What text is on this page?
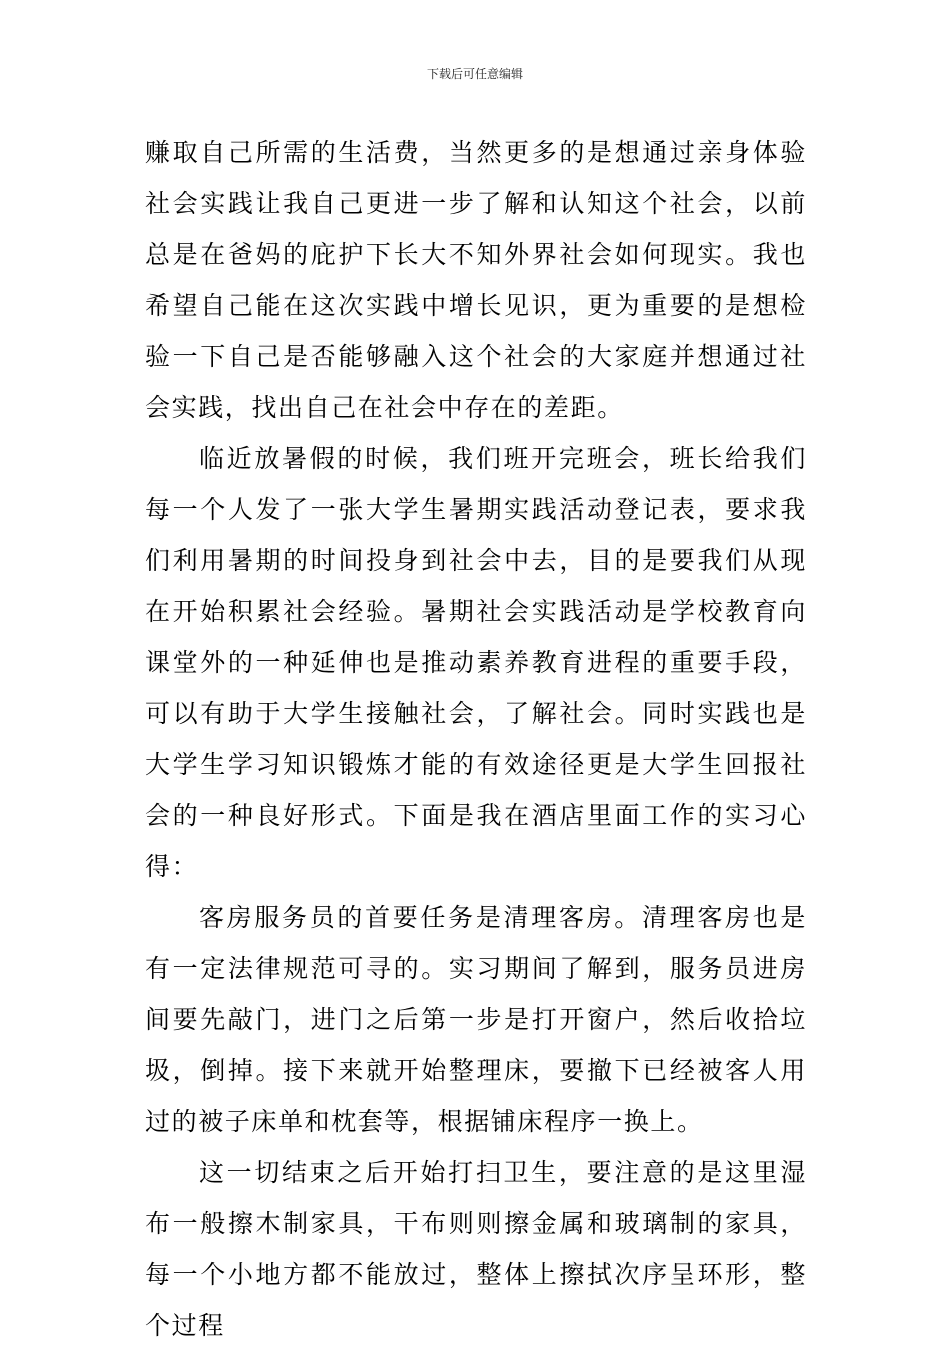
下载后可任意编辑

赚取自己所需的生活费，当然更多的是想通过亲身体验社会实践让我自己更进一步了解和认知这个社会，以前总是在爸妈的庇护下长大不知外界社会如何现实。我也希望自己能在这次实践中增长见识，更为重要的是想检验一下自己是否能够融入这个社会的大家庭并想通过社会实践，找出自己在社会中存在的差距。

临近放暑假的时候，我们班开完班会，班长给我们每一个人发了一张大学生暑期实践活动登记表，要求我们利用暑期的时间投身到社会中去，目的是要我们从现在开始积累社会经验。暑期社会实践活动是学校教育向课堂外的一种延伸也是推动素养教育进程的重要手段，可以有助于大学生接触社会，了解社会。同时实践也是大学生学习知识锻炼才能的有效途径更是大学生回报社会的一种良好形式。下面是我在酒店里面工作的实习心得：

客房服务员的首要任务是清理客房。清理客房也是有一定法律规范可寻的。实习期间了解到，服务员进房间要先敲门，进门之后第一步是打开窗户，然后收拾垃圾，倒掉。接下来就开始整理床，要撤下已经被客人用过的被子床单和枕套等，根据铺床程序一换上。

这一切结束之后开始打扫卫生，要注意的是这里湿布一般擦木制家具，干布则则擦金属和玻璃制的家具，每一个小地方都不能放过，整体上擦拭次序呈环形，整个过程
